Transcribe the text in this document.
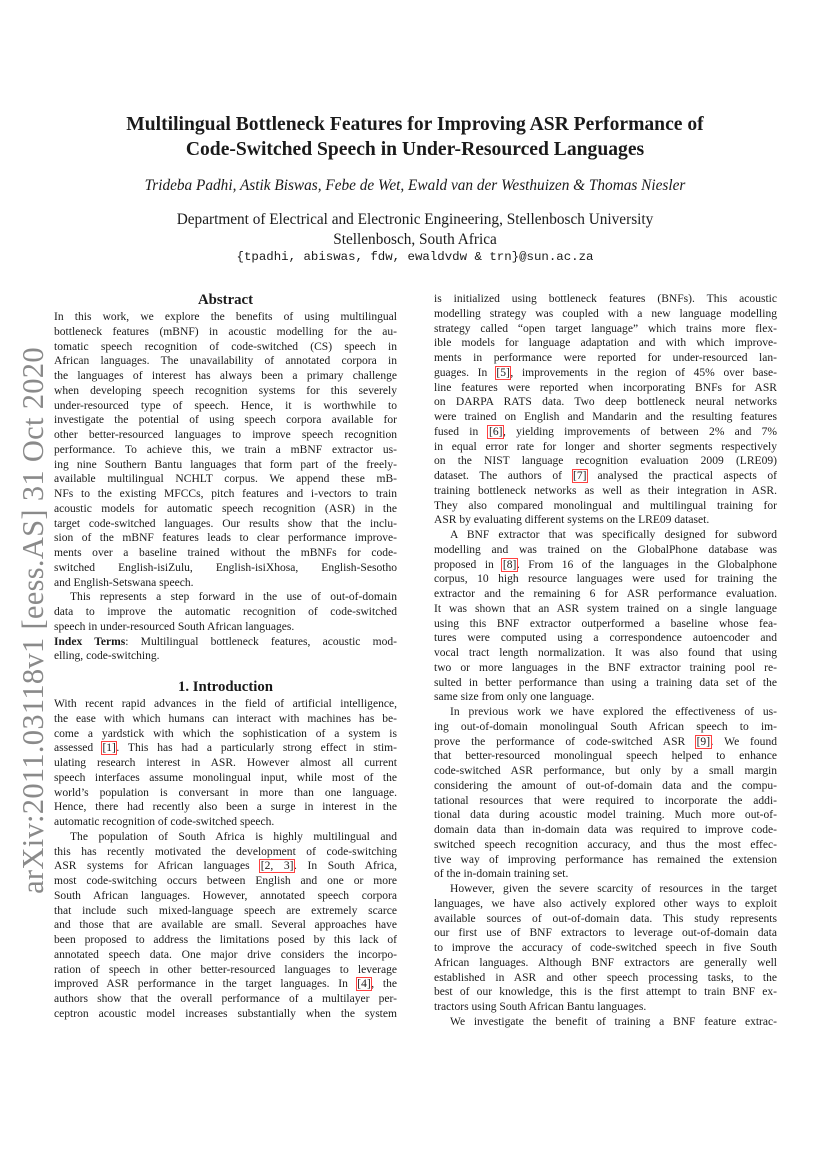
arXiv:2011.03118v1 [eess.AS] 31 Oct 2020
Multilingual Bottleneck Features for Improving ASR Performance of
Code-Switched Speech in Under-Resourced Languages
Trideba Padhi, Astik Biswas, Febe de Wet, Ewald van der Westhuizen & Thomas Niesler
Department of Electrical and Electronic Engineering, Stellenbosch University
Stellenbosch, South Africa
{tpadhi, abiswas, fdw, ewaldvdw & trn}@sun.ac.za
Abstract
In this work, we explore the benefits of using multilingual
bottleneck features (mBNF) in acoustic modelling for the au-
tomatic speech recognition of code-switched (CS) speech in
African languages. The unavailability of annotated corpora in
the languages of interest has always been a primary challenge
when developing speech recognition systems for this severely
under-resourced type of speech. Hence, it is worthwhile to
investigate the potential of using speech corpora available for
other better-resourced languages to improve speech recognition
performance. To achieve this, we train a mBNF extractor us-
ing nine Southern Bantu languages that form part of the freely-
available multilingual NCHLT corpus. We append these mB-
NFs to the existing MFCCs, pitch features and i-vectors to train
acoustic models for automatic speech recognition (ASR) in the
target code-switched languages. Our results show that the inclu-
sion of the mBNF features leads to clear performance improve-
ments over a baseline trained without the mBNFs for code-
switched English-isiZulu, English-isiXhosa, English-Sesotho
and English-Setswana speech.
This represents a step forward in the use of out-of-domain
data to improve the automatic recognition of code-switched
speech in under-resourced South African languages.
Index Terms: Multilingual bottleneck features, acoustic mod-
elling, code-switching.
1. Introduction
With recent rapid advances in the field of artificial intelligence,
the ease with which humans can interact with machines has be-
come a yardstick with which the sophistication of a system is
assessed [1]. This has had a particularly strong effect in stim-
ulating research interest in ASR. However almost all current
speech interfaces assume monolingual input, while most of the
world’s population is conversant in more than one language.
Hence, there had recently also been a surge in interest in the
automatic recognition of code-switched speech.
The population of South Africa is highly multilingual and
this has recently motivated the development of code-switching
ASR systems for African languages [2, 3]. In South Africa,
most code-switching occurs between English and one or more
South African languages. However, annotated speech corpora
that include such mixed-language speech are extremely scarce
and those that are available are small. Several approaches have
been proposed to address the limitations posed by this lack of
annotated speech data. One major drive considers the incorpo-
ration of speech in other better-resourced languages to leverage
improved ASR performance in the target languages. In [4], the
authors show that the overall performance of a multilayer per-
ceptron acoustic model increases substantially when the system
is initialized using bottleneck features (BNFs). This acoustic
modelling strategy was coupled with a new language modelling
strategy called “open target language” which trains more flex-
ible models for language adaptation and with which improve-
ments in performance were reported for under-resourced lan-
guages. In [5], improvements in the region of 45% over base-
line features were reported when incorporating BNFs for ASR
on DARPA RATS data. Two deep bottleneck neural networks
were trained on English and Mandarin and the resulting features
fused in [6], yielding improvements of between 2% and 7%
in equal error rate for longer and shorter segments respectively
on the NIST language recognition evaluation 2009 (LRE09)
dataset. The authors of [7] analysed the practical aspects of
training bottleneck networks as well as their integration in ASR.
They also compared monolingual and multilingual training for
ASR by evaluating different systems on the LRE09 dataset.
A BNF extractor that was specifically designed for subword
modelling and was trained on the GlobalPhone database was
proposed in [8]. From 16 of the languages in the Globalphone
corpus, 10 high resource languages were used for training the
extractor and the remaining 6 for ASR performance evaluation.
It was shown that an ASR system trained on a single language
using this BNF extractor outperformed a baseline whose fea-
tures were computed using a correspondence autoencoder and
vocal tract length normalization. It was also found that using
two or more languages in the BNF extractor training pool re-
sulted in better performance than using a training data set of the
same size from only one language.
In previous work we have explored the effectiveness of us-
ing out-of-domain monolingual South African speech to im-
prove the performance of code-switched ASR [9]. We found
that better-resourced monolingual speech helped to enhance
code-switched ASR performance, but only by a small margin
considering the amount of out-of-domain data and the compu-
tational resources that were required to incorporate the addi-
tional data during acoustic model training. Much more out-of-
domain data than in-domain data was required to improve code-
switched speech recognition accuracy, and thus the most effec-
tive way of improving performance has remained the extension
of the in-domain training set.
However, given the severe scarcity of resources in the target
languages, we have also actively explored other ways to exploit
available sources of out-of-domain data. This study represents
our first use of BNF extractors to leverage out-of-domain data
to improve the accuracy of code-switched speech in five South
African languages. Although BNF extractors are generally well
established in ASR and other speech processing tasks, to the
best of our knowledge, this is the first attempt to train BNF ex-
tractors using South African Bantu languages.
We investigate the benefit of training a BNF feature extrac-
